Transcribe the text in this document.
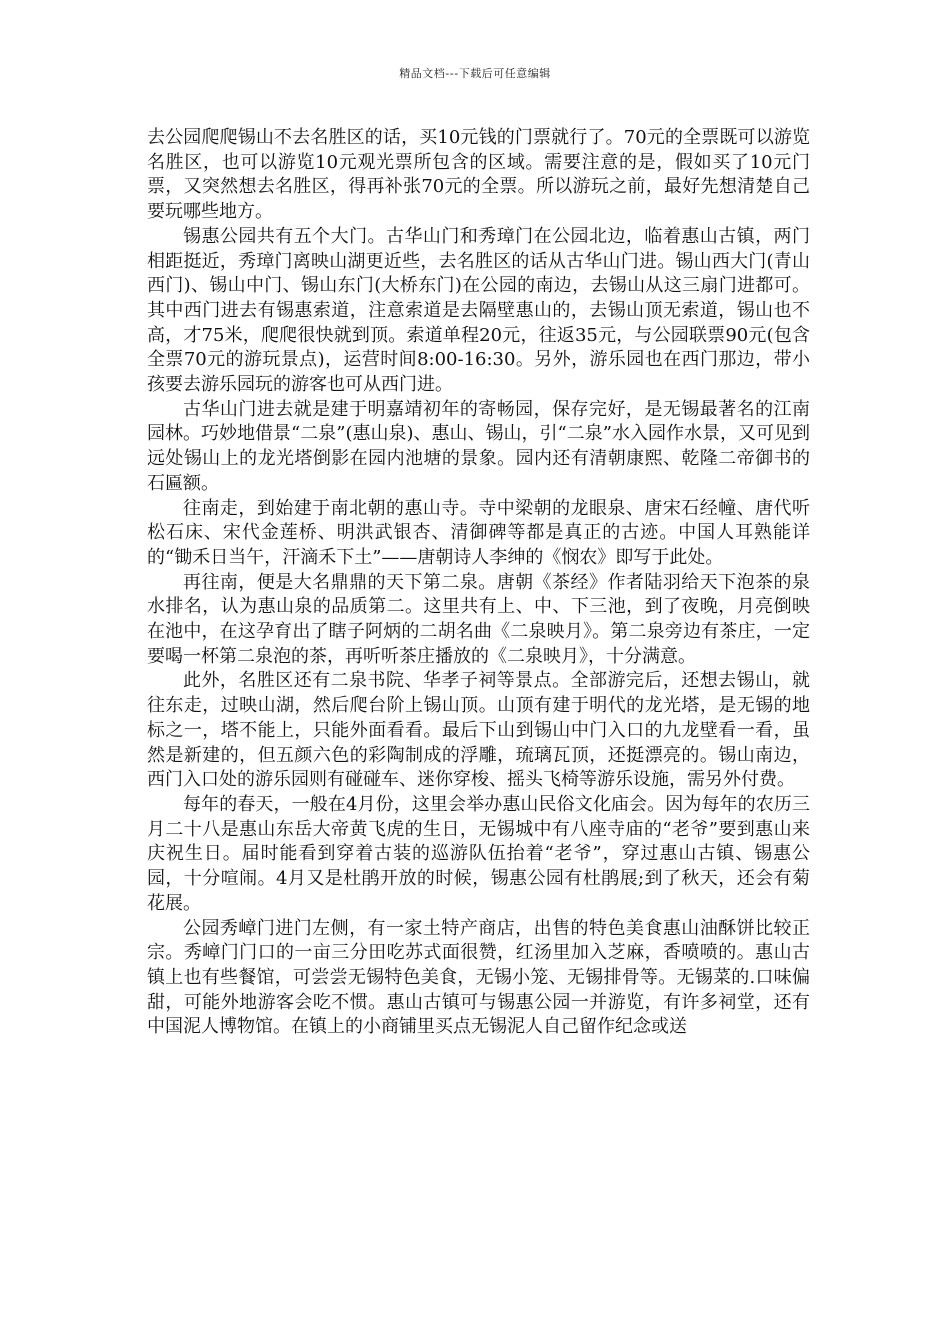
精品文档---下载后可任意编辑

去公园爬爬锡山不去名胜区的话，买10元钱的门票就行了。70元的全票既可以游览名胜区，也可以游览10元观光票所包含的区域。需要注意的是，假如买了10元门票，又突然想去名胜区，得再补张70元的全票。所以游玩之前，最好先想清楚自己要玩哪些地方。

锡惠公园共有五个大门。古华山门和秀璋门在公园北边，临着惠山古镇，两门相距挺近，秀璋门离映山湖更近些，去名胜区的话从古华山门进。锡山西大门(青山西门)、锡山中门、锡山东门(大桥东门)在公园的南边，去锡山从这三扇门进都可。其中西门进去有锡惠索道，注意索道是去隔壁惠山的，去锡山顶无索道，锡山也不高，才75米，爬爬很快就到顶。索道单程20元，往返35元，与公园联票90元(包含全票70元的游玩景点)，运营时间8:00-16:30。另外，游乐园也在西门那边，带小孩要去游乐园玩的游客也可从西门进。

古华山门进去就是建于明嘉靖初年的寄畅园，保存完好，是无锡最著名的江南园林。巧妙地借景“二泉”(惠山泉)、惠山、锡山，引“二泉”水入园作水景，又可见到远处锡山上的龙光塔倒影在园内池塘的景象。园内还有清朝康熙、乾隆二帝御书的石匾额。

往南走，到始建于南北朝的惠山寺。寺中梁朝的龙眼泉、唐宋石经幢、唐代听松石床、宋代金莲桥、明洪武银杏、清御碑等都是真正的古迹。中国人耳熟能详的“锄禾日当午，汗滴禾下土”——唐朝诗人李绅的《悯农》即写于此处。

再往南，便是大名鼎鼎的天下第二泉。唐朝《茶经》作者陆羽给天下泡茶的泉水排名，认为惠山泉的品质第二。这里共有上、中、下三池，到了夜晚，月亮倒映在池中，在这孕育出了瞎子阿炳的二胡名曲《二泉映月》。第二泉旁边有茶庄，一定要喝一杯第二泉泡的茶，再听听茶庄播放的《二泉映月》，十分满意。

此外，名胜区还有二泉书院、华孝子祠等景点。全部游完后，还想去锡山，就往东走，过映山湖，然后爬台阶上锡山顶。山顶有建于明代的龙光塔，是无锡的地标之一，塔不能上，只能外面看看。最后下山到锡山中门入口的九龙壁看一看，虽然是新建的，但五颜六色的彩陶制成的浮雕，琉璃瓦顶，还挺漂亮的。锡山南边，西门入口处的游乐园则有碰碰车、迷你穿梭、摇头飞椅等游乐设施，需另外付费。

每年的春天，一般在4月份，这里会举办惠山民俗文化庙会。因为每年的农历三月二十八是惠山东岳大帝黄飞虎的生日，无锡城中有八座寺庙的“老爷”要到惠山来庆祝生日。届时能看到穿着古装的巡游队伍抬着“老爷”，穿过惠山古镇、锡惠公园，十分喧闹。4月又是杜鹃开放的时候，锡惠公园有杜鹃展;到了秋天，还会有菊花展。

公园秀嶂门进门左侧，有一家土特产商店，出售的特色美食惠山油酥饼比较正宗。秀嶂门门口的一亩三分田吃苏式面很赞，红汤里加入芝麻，香喷喷的。惠山古镇上也有些餐馆，可尝尝无锡特色美食，无锡小笼、无锡排骨等。无锡菜的.口味偏甜，可能外地游客会吃不惯。惠山古镇可与锡惠公园一并游览，有许多祠堂，还有中国泥人博物馆。在镇上的小商铺里买点无锡泥人自己留作纪念或送
